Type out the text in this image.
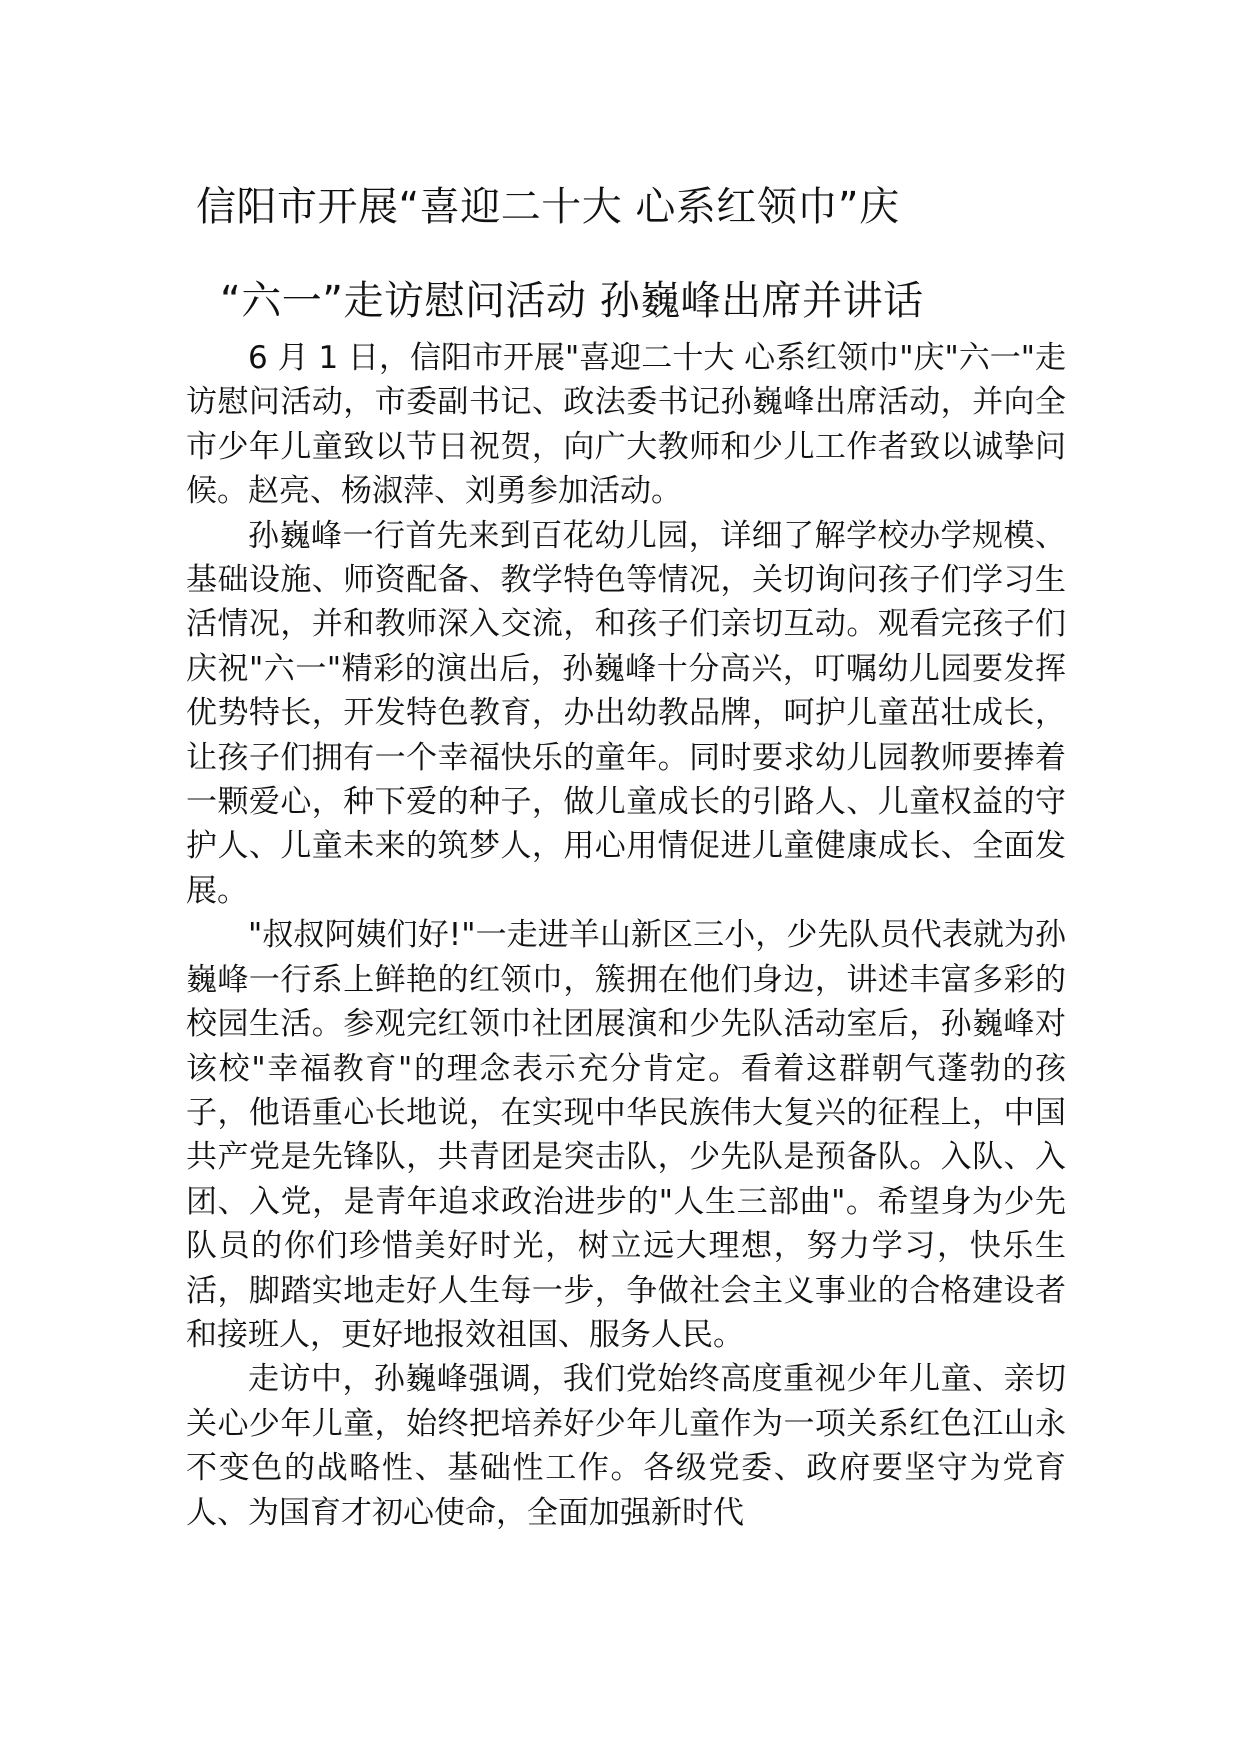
信阳市开展“喜迎二十大 心系红领巾”庆
“六一”走访慰问活动 孙巍峰出席并讲话

6 月 1 日，信阳市开展"喜迎二十大 心系红领巾"庆"六一"走访慰问活动，市委副书记、政法委书记孙巍峰出席活动，并向全市少年儿童致以节日祝贺，向广大教师和少儿工作者致以诚挚问候。赵亮、杨淑萍、刘勇参加活动。

孙巍峰一行首先来到百花幼儿园，详细了解学校办学规模、基础设施、师资配备、教学特色等情况，关切询问孩子们学习生活情况，并和教师深入交流，和孩子们亲切互动。观看完孩子们庆祝"六一"精彩的演出后，孙巍峰十分高兴，叮嘱幼儿园要发挥优势特长，开发特色教育，办出幼教品牌，呵护儿童茁壮成长，让孩子们拥有一个幸福快乐的童年。同时要求幼儿园教师要捧着一颗爱心，种下爱的种子，做儿童成长的引路人、儿童权益的守护人、儿童未来的筑梦人，用心用情促进儿童健康成长、全面发展。

"叔叔阿姨们好!"一走进羊山新区三小，少先队员代表就为孙巍峰一行系上鲜艳的红领巾，簇拥在他们身边，讲述丰富多彩的校园生活。参观完红领巾社团展演和少先队活动室后，孙巍峰对该校"幸福教育"的理念表示充分肯定。看着这群朝气蓬勃的孩子，他语重心长地说，在实现中华民族伟大复兴的征程上，中国共产党是先锋队，共青团是突击队，少先队是预备队。入队、入团、入党，是青年追求政治进步的"人生三部曲"。希望身为少先队员的你们珍惜美好时光，树立远大理想，努力学习，快乐生活，脚踏实地走好人生每一步，争做社会主义事业的合格建设者和接班人，更好地报效祖国、服务人民。

走访中，孙巍峰强调，我们党始终高度重视少年儿童、亲切关心少年儿童，始终把培养好少年儿童作为一项关系红色江山永不变色的战略性、基础性工作。各级党委、政府要坚守为党育人、为国育才初心使命，全面加强新时代
